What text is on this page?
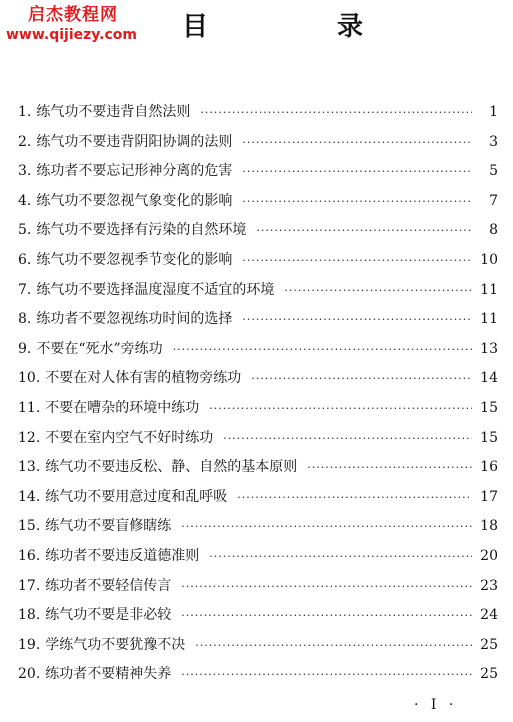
启杰教程网
www.qijiezy.com 目 录
1. 练气功不要违背自然法则 ·····	1
2. 练气功不要违背阴阳协调的法则 ·····	3
3. 练功者不要忘记形神分离的危害 ·····	5
4. 练气功不要忽视气象变化的影响 ·····	7
5. 练气功不要选择有污染的自然环境 ·····	8
6. 练气功不要忽视季节变化的影响 ·····	10
7. 练气功不要选择温度湿度不适宜的环境 ·····	11
8. 练功者不要忽视练功时间的选择 ·····	11
9. 不要在“死水”旁练功 ·····	13
10. 不要在对人体有害的植物旁练功 ·····	14
11. 不要在嘈杂的环境中练功 ·····	15
12. 不要在室内空气不好时练功 ·····	15
13. 练气功不要违反松、静、自然的基本原则 ·····	16
14. 练气功不要用意过度和乱呼吸 ·····	17
15. 练气功不要盲修瞎练 ·····	18
16. 练功者不要违反道德准则 ·····	20
17. 练功者不要轻信传言 ·····	23
18. 练气功不要是非必较 ·····	24
19. 学练气功不要犹豫不决 ·····	25
20. 练功者不要精神失养 ·····	25
· I ·
